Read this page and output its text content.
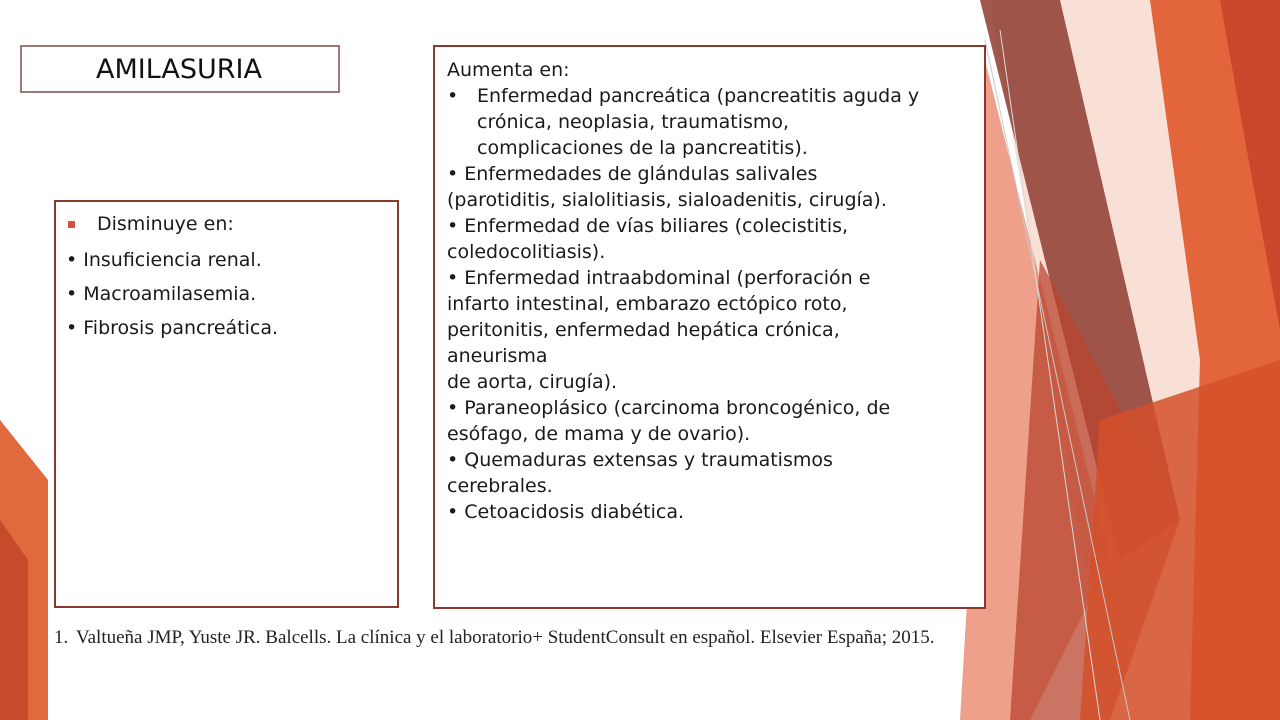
AMILASURIA
Disminuye en:
• Insuficiencia renal.
• Macroamilasemia.
• Fibrosis pancreática.
Aumenta en:
• Enfermedad pancreática (pancreatitis aguda y
crónica, neoplasia, traumatismo,
complicaciones de la pancreatitis).
• Enfermedades de glándulas salivales
(parotiditis, sialolitiasis, sialoadenitis, cirugía).
• Enfermedad de vías biliares (colecistitis,
coledocolitiasis).
• Enfermedad intraabdominal (perforación e
infarto intestinal, embarazo ectópico roto,
peritonitis, enfermedad hepática crónica,
aneurisma
de aorta, cirugía).
• Paraneoplásico (carcinoma broncogénico, de
esófago, de mama y de ovario).
• Quemaduras extensas y traumatismos
cerebrales.
• Cetoacidosis diabética.
1. Valtueña JMP, Yuste JR. Balcells. La clínica y el laboratorio+ StudentConsult en español. Elsevier España; 2015.
